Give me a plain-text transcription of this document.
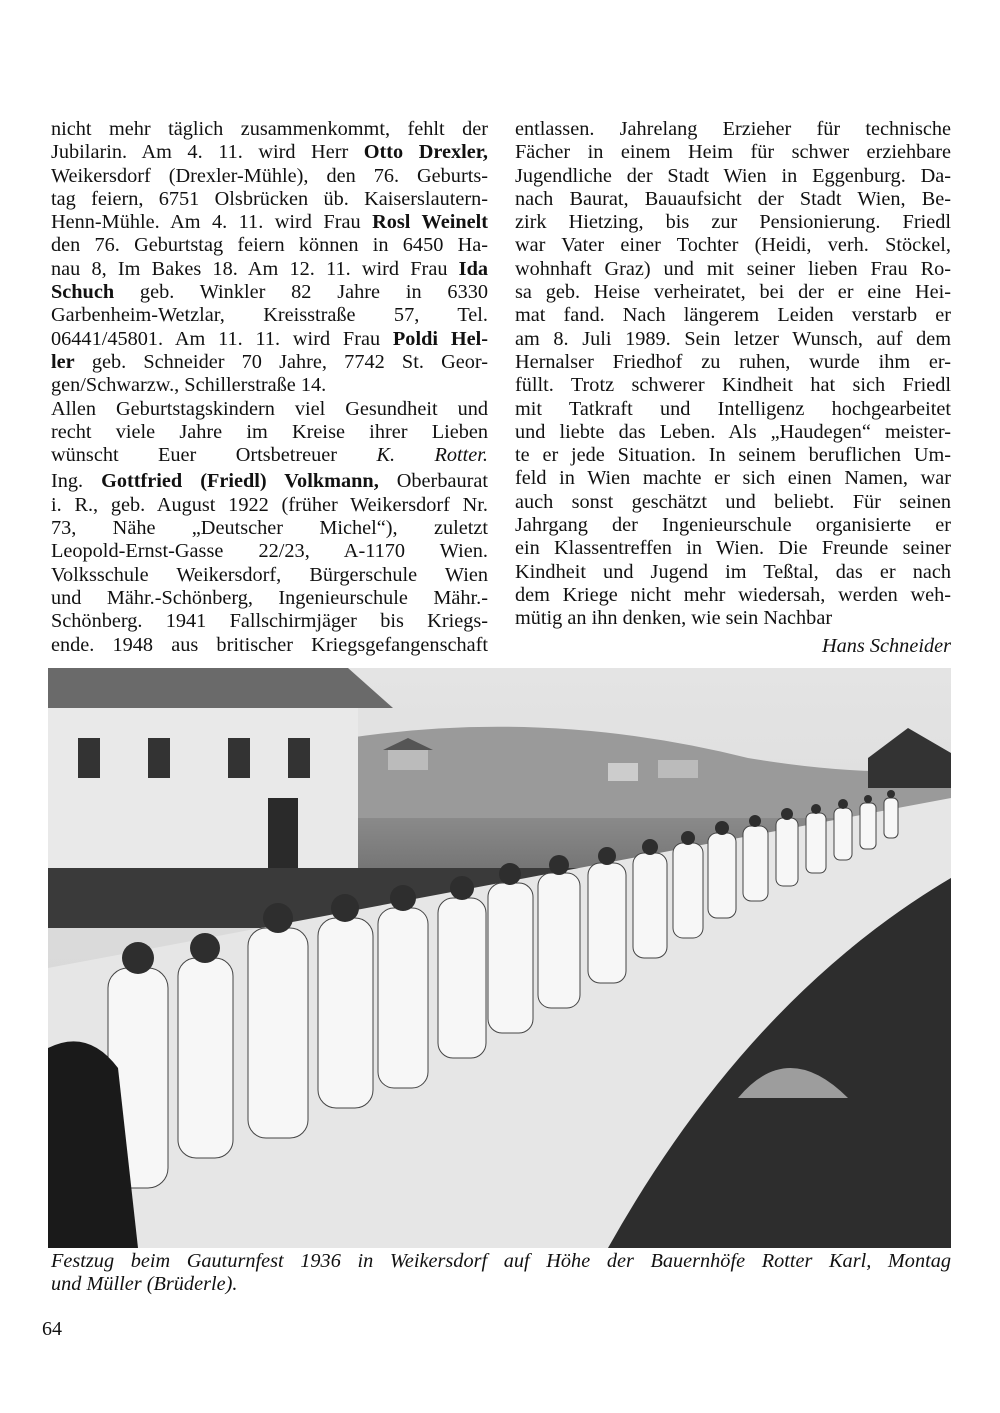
nicht mehr täglich zusammenkommt, fehlt der
Jubilarin. Am 4. 11. wird Herr Otto Drexler,
Weikersdorf (Drexler-Mühle), den 76. Geburts-
tag feiern, 6751 Olsbrücken üb. Kaiserslautern-
Henn-Mühle. Am 4. 11. wird Frau Rosl Weinelt
den 76. Geburtstag feiern können in 6450 Ha-
nau 8, Im Bakes 18. Am 12. 11. wird Frau Ida
Schuch geb. Winkler 82 Jahre in 6330
Garbenheim-Wetzlar, Kreisstraße 57, Tel.
06441/45801. Am 11. 11. wird Frau Poldi Hel-
ler geb. Schneider 70 Jahre, 7742 St. Geor-
gen/Schwarzw., Schillerstraße 14.
Allen Geburtstagskindern viel Gesundheit und
recht viele Jahre im Kreise ihrer Lieben
wünscht Euer Ortsbetreuer K. Rotter.
Ing. Gottfried (Friedl) Volkmann, Oberbaurat
i. R., geb. August 1922 (früher Weikersdorf Nr.
73, Nähe „Deutscher Michel“), zuletzt
Leopold-Ernst-Gasse 22/23, A-1170 Wien.
Volksschule Weikersdorf, Bürgerschule Wien
und Mähr.-Schönberg, Ingenieurschule Mähr.-
Schönberg. 1941 Fallschirmjäger bis Kriegs-
ende. 1948 aus britischer Kriegsgefangenschaft
entlassen. Jahrelang Erzieher für technische
Fächer in einem Heim für schwer erziehbare
Jugendliche der Stadt Wien in Eggenburg. Da-
nach Baurat, Bauaufsicht der Stadt Wien, Be-
zirk Hietzing, bis zur Pensionierung. Friedl
war Vater einer Tochter (Heidi, verh. Stöckel,
wohnhaft Graz) und mit seiner lieben Frau Ro-
sa geb. Heise verheiratet, bei der er eine Hei-
mat fand. Nach längerem Leiden verstarb er
am 8. Juli 1989. Sein letzer Wunsch, auf dem
Hernalser Friedhof zu ruhen, wurde ihm er-
füllt. Trotz schwerer Kindheit hat sich Friedl
mit Tatkraft und Intelligenz hochgearbeitet
und liebte das Leben. Als „Haudegen“ meister-
te er jede Situation. In seinem beruflichen Um-
feld in Wien machte er sich einen Namen, war
auch sonst geschätzt und beliebt. Für seinen
Jahrgang der Ingenieurschule organisierte er
ein Klassentreffen in Wien. Die Freunde seiner
Kindheit und Jugend im Teßtal, das er nach
dem Kriege nicht mehr wiedersah, werden weh-
mütig an ihn denken, wie sein Nachbar
Hans Schneider
Festzug beim Gauturnfest 1936 in Weikersdorf auf Höhe der Bauernhöfe Rotter Karl, Montag
und Müller (Brüderle).
64
